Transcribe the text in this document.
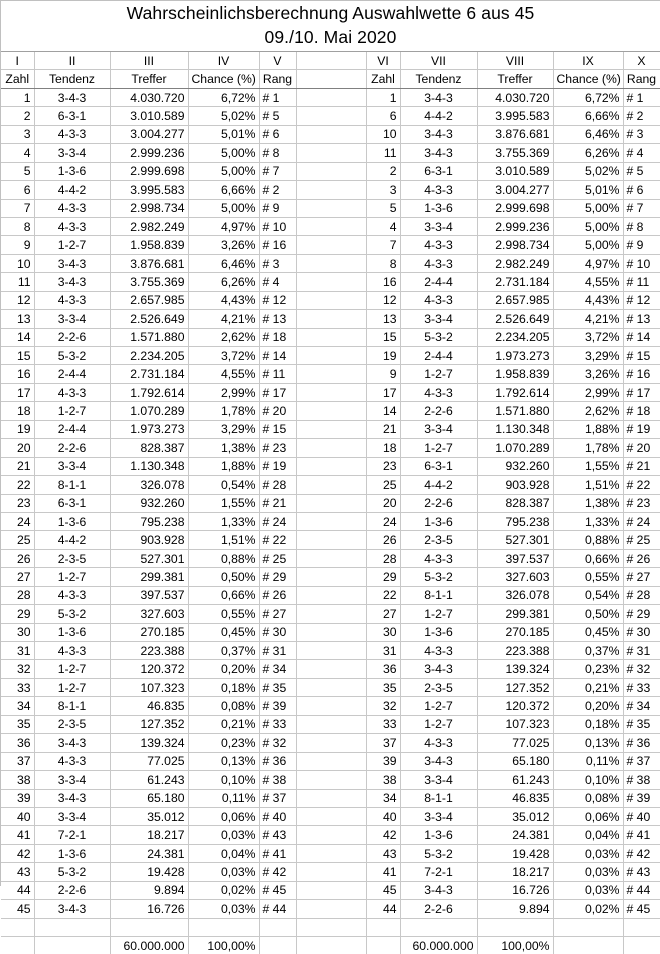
Wahrscheinlichsberechnung Auswahlwette 6 aus 45
09./10. Mai 2020
I	II	III	IV	V		VI	VII	VIII	IX	X
Zahl	Tendenz	Treffer	Chance (%)	Rang		Zahl	Tendenz	Treffer	Chance (%)	Rang
1	3-4-3	4.030.720	6,72%	# 1		1	3-4-3	4.030.720	6,72%	# 1
2	6-3-1	3.010.589	5,02%	# 5		6	4-4-2	3.995.583	6,66%	# 2
3	4-3-3	3.004.277	5,01%	# 6		10	3-4-3	3.876.681	6,46%	# 3
4	3-3-4	2.999.236	5,00%	# 8		11	3-4-3	3.755.369	6,26%	# 4
5	1-3-6	2.999.698	5,00%	# 7		2	6-3-1	3.010.589	5,02%	# 5
6	4-4-2	3.995.583	6,66%	# 2		3	4-3-3	3.004.277	5,01%	# 6
7	4-3-3	2.998.734	5,00%	# 9		5	1-3-6	2.999.698	5,00%	# 7
8	4-3-3	2.982.249	4,97%	# 10		4	3-3-4	2.999.236	5,00%	# 8
9	1-2-7	1.958.839	3,26%	# 16		7	4-3-3	2.998.734	5,00%	# 9
10	3-4-3	3.876.681	6,46%	# 3		8	4-3-3	2.982.249	4,97%	# 10
11	3-4-3	3.755.369	6,26%	# 4		16	2-4-4	2.731.184	4,55%	# 11
12	4-3-3	2.657.985	4,43%	# 12		12	4-3-3	2.657.985	4,43%	# 12
13	3-3-4	2.526.649	4,21%	# 13		13	3-3-4	2.526.649	4,21%	# 13
14	2-2-6	1.571.880	2,62%	# 18		15	5-3-2	2.234.205	3,72%	# 14
15	5-3-2	2.234.205	3,72%	# 14		19	2-4-4	1.973.273	3,29%	# 15
16	2-4-4	2.731.184	4,55%	# 11		9	1-2-7	1.958.839	3,26%	# 16
17	4-3-3	1.792.614	2,99%	# 17		17	4-3-3	1.792.614	2,99%	# 17
18	1-2-7	1.070.289	1,78%	# 20		14	2-2-6	1.571.880	2,62%	# 18
19	2-4-4	1.973.273	3,29%	# 15		21	3-3-4	1.130.348	1,88%	# 19
20	2-2-6	828.387	1,38%	# 23		18	1-2-7	1.070.289	1,78%	# 20
21	3-3-4	1.130.348	1,88%	# 19		23	6-3-1	932.260	1,55%	# 21
22	8-1-1	326.078	0,54%	# 28		25	4-4-2	903.928	1,51%	# 22
23	6-3-1	932.260	1,55%	# 21		20	2-2-6	828.387	1,38%	# 23
24	1-3-6	795.238	1,33%	# 24		24	1-3-6	795.238	1,33%	# 24
25	4-4-2	903.928	1,51%	# 22		26	2-3-5	527.301	0,88%	# 25
26	2-3-5	527.301	0,88%	# 25		28	4-3-3	397.537	0,66%	# 26
27	1-2-7	299.381	0,50%	# 29		29	5-3-2	327.603	0,55%	# 27
28	4-3-3	397.537	0,66%	# 26		22	8-1-1	326.078	0,54%	# 28
29	5-3-2	327.603	0,55%	# 27		27	1-2-7	299.381	0,50%	# 29
30	1-3-6	270.185	0,45%	# 30		30	1-3-6	270.185	0,45%	# 30
31	4-3-3	223.388	0,37%	# 31		31	4-3-3	223.388	0,37%	# 31
32	1-2-7	120.372	0,20%	# 34		36	3-4-3	139.324	0,23%	# 32
33	1-2-7	107.323	0,18%	# 35		35	2-3-5	127.352	0,21%	# 33
34	8-1-1	46.835	0,08%	# 39		32	1-2-7	120.372	0,20%	# 34
35	2-3-5	127.352	0,21%	# 33		33	1-2-7	107.323	0,18%	# 35
36	3-4-3	139.324	0,23%	# 32		37	4-3-3	77.025	0,13%	# 36
37	4-3-3	77.025	0,13%	# 36		39	3-4-3	65.180	0,11%	# 37
38	3-3-4	61.243	0,10%	# 38		38	3-3-4	61.243	0,10%	# 38
39	3-4-3	65.180	0,11%	# 37		34	8-1-1	46.835	0,08%	# 39
40	3-3-4	35.012	0,06%	# 40		40	3-3-4	35.012	0,06%	# 40
41	7-2-1	18.217	0,03%	# 43		42	1-3-6	24.381	0,04%	# 41
42	1-3-6	24.381	0,04%	# 41		43	5-3-2	19.428	0,03%	# 42
43	5-3-2	19.428	0,03%	# 42		41	7-2-1	18.217	0,03%	# 43
44	2-2-6	9.894	0,02%	# 45		45	3-4-3	16.726	0,03%	# 44
45	3-4-3	16.726	0,03%	# 44		44	2-2-6	9.894	0,02%	# 45

		60.000.000	100,00%				60.000.000	100,00%		
